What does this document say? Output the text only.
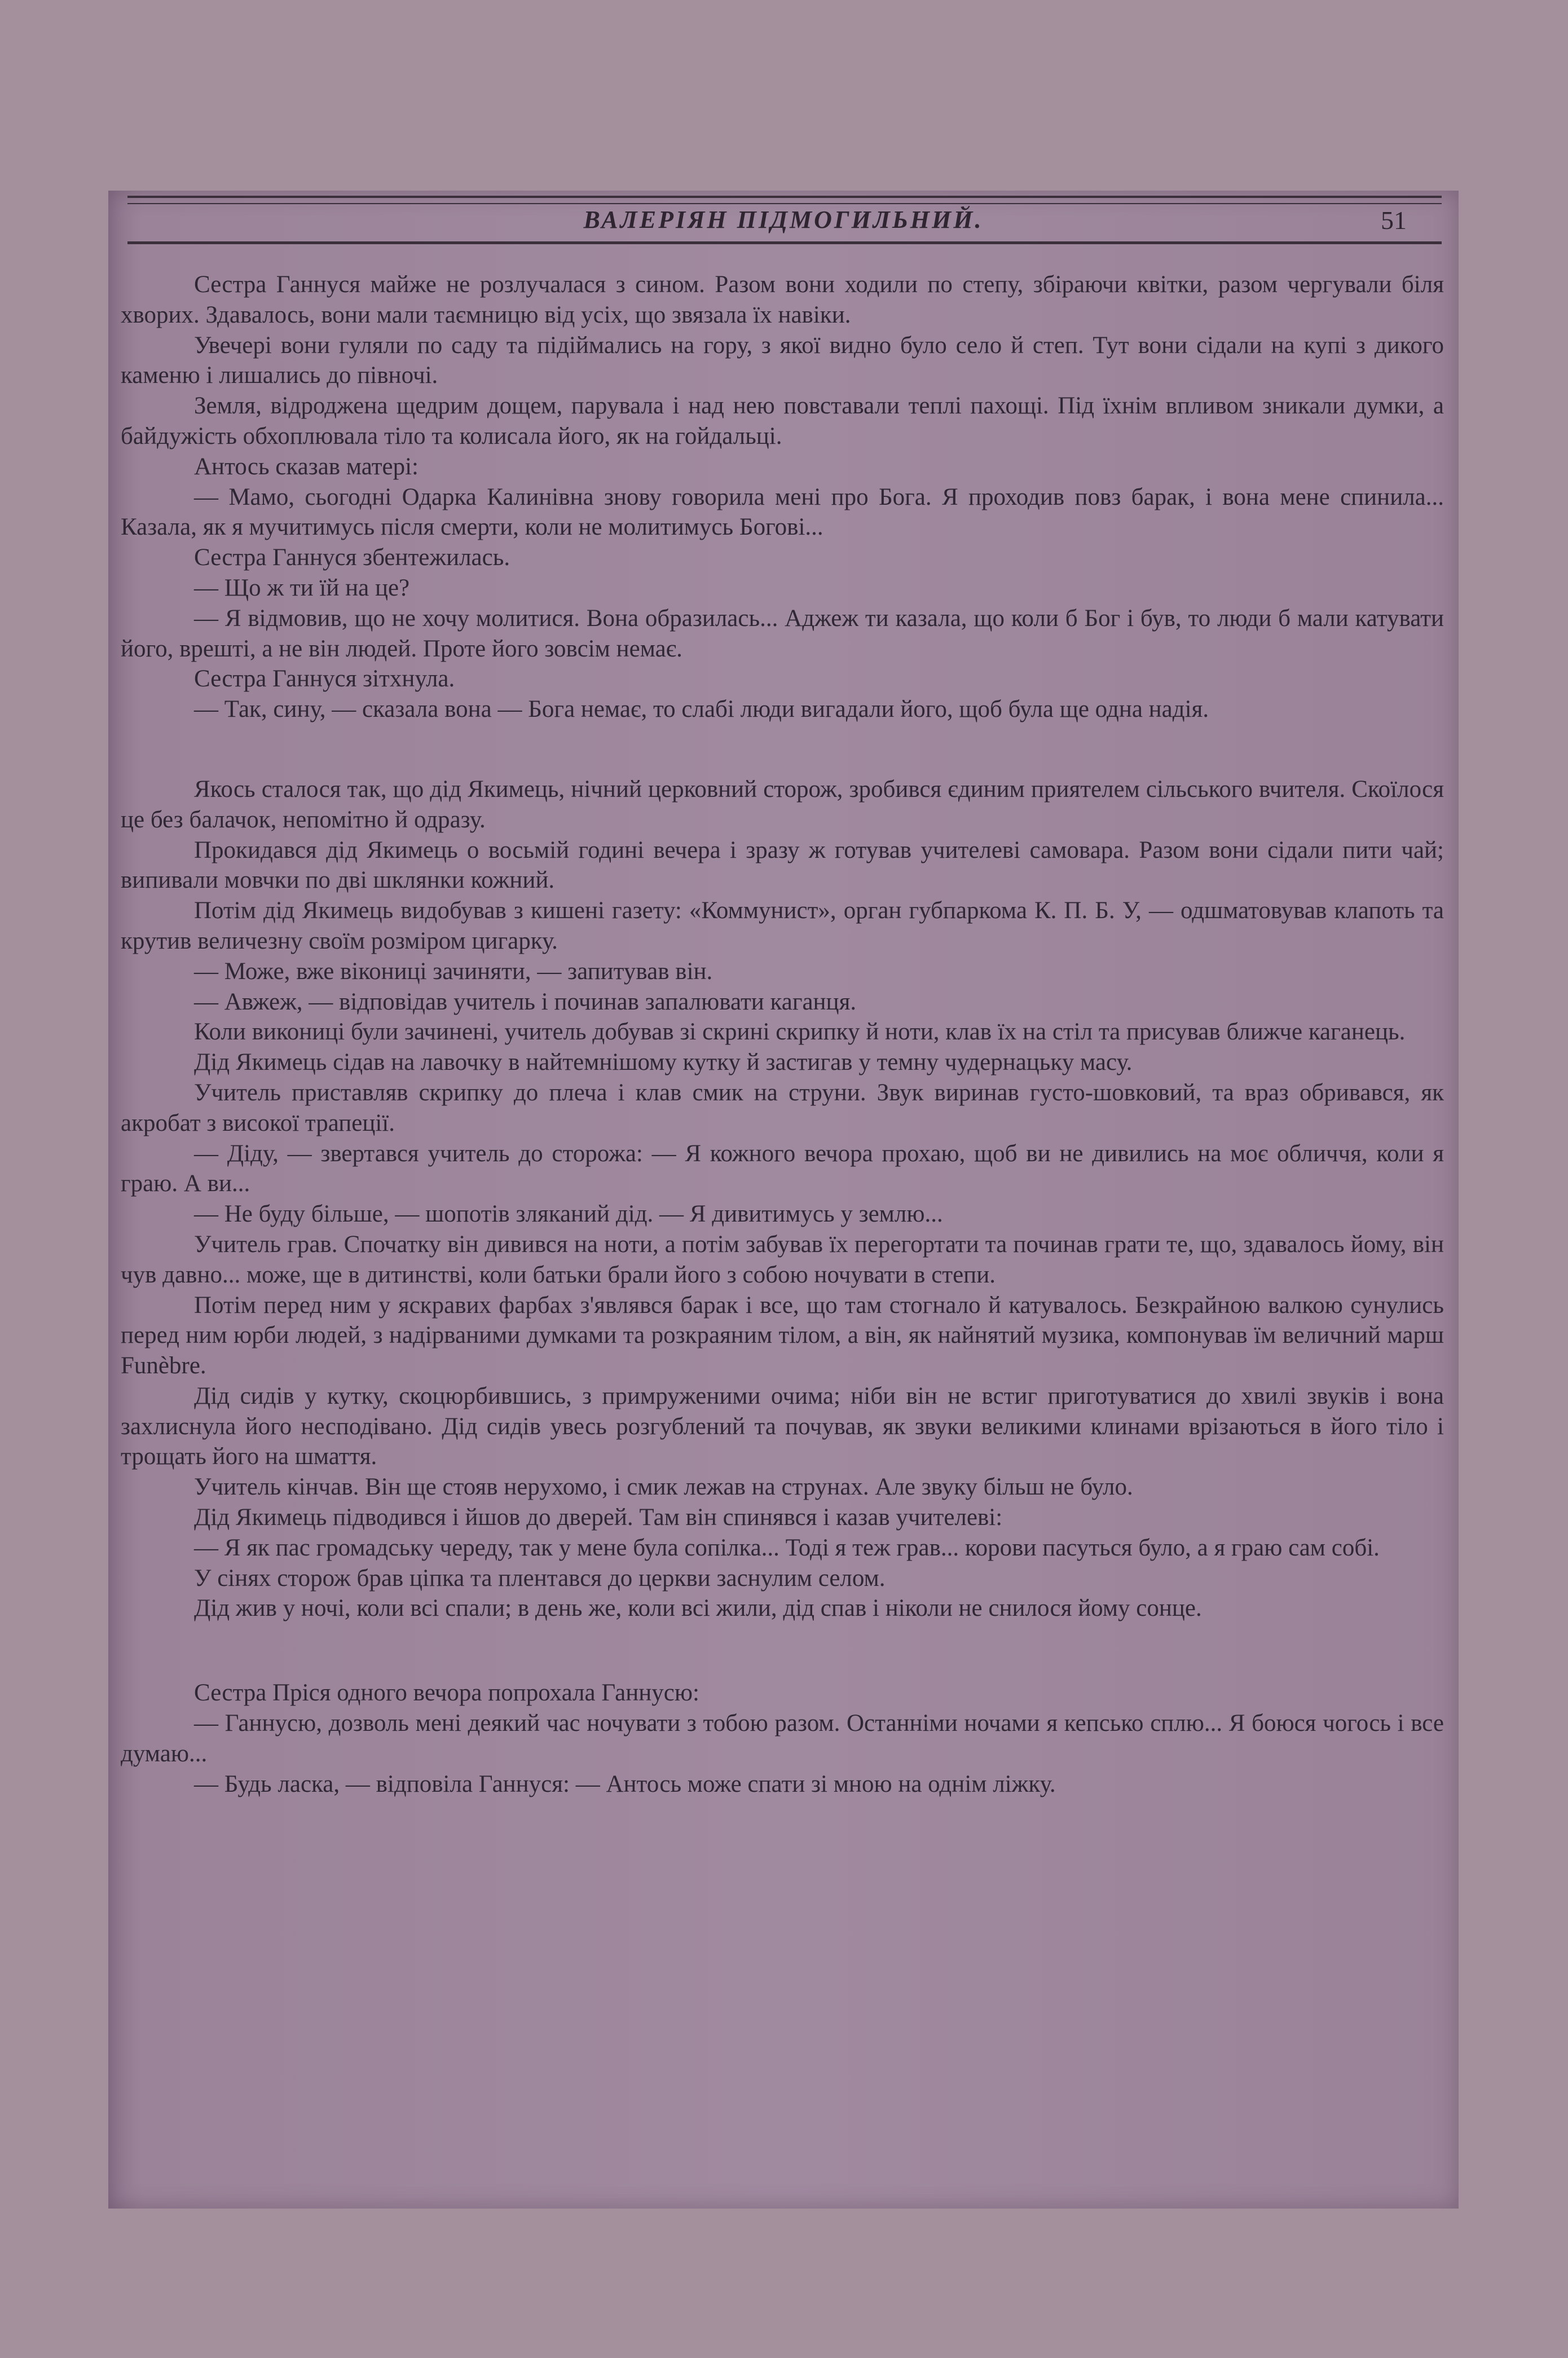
ВАЛЕРІЯН ПІДМОГИЛЬНИЙ.	51

Сестра Ганнуся майже не розлучалася з сином. Разом вони ходили по степу, збіраючи квітки, разом чергували біля хворих. Здавалось, вони мали таємницю від усіх, що звязала їх навіки.

Увечері вони гуляли по саду та підіймались на гору, з якої видно було село й степ. Тут вони сідали на купі з дикого каменю і лишались до півночі.

Земля, відроджена щедрим дощем, парувала і над нею повставали теплі пахощі. Під їхнім впливом зникали думки, а байдужість обхоплювала тіло та колисала його, як на гойдальці.

Антось сказав матері:

— Мамо, сьогодні Одарка Калинівна знову говорила мені про Бога. Я проходив повз барак, і вона мене спинила... Казала, як я мучитимусь після смерти, коли не молитимусь Богові...

Сестра Ганнуся збентежилась.

— Що ж ти їй на це?

— Я відмовив, що не хочу молитися. Вона образилась... Аджеж ти казала, що коли б Бог і був, то люди б мали катувати його, врешті, а не він людей. Проте його зовсім немає.

Сестра Ганнуся зітхнула.

— Так, сину, — сказала вона — Бога немає, то слабі люди вигадали його, щоб була ще одна надія.

Якось сталося так, що дід Якимець, нічний церковний сторож, зробився єдиним приятелем сільського вчителя. Скоїлося це без балачок, непомітно й одразу.

Прокидався дід Якимець о восьмій годині вечера і зразу ж готував учителеві самовара. Разом вони сідали пити чай; випивали мовчки по дві шклянки кожний.

Потім дід Якимець видобував з кишені газету: «Коммунист», орган губпаркома К. П. Б. У, — одшматовував клапоть та крутив величезну своїм розміром цигарку.

— Може, вже вікониці зачиняти, — запитував він.

— Авжеж, — відповідав учитель і починав запалювати каганця.

Коли викониці були зачинені, учитель добував зі скрині скрипку й ноти, клав їх на стіл та присував ближче каганець.

Дід Якимець сідав на лавочку в найтемнішому кутку й застигав у темну чудернацьку масу.

Учитель приставляв скрипку до плеча і клав смик на струни. Звук виринав густо-шовковий, та враз обривався, як акробат з високої трапеції.

— Діду, — звертався учитель до сторожа: — Я кожного вечора прохаю, щоб ви не дивились на моє обличчя, коли я граю. А ви...

— Не буду більше, — шопотів зляканий дід. — Я дивитимусь у землю...

Учитель грав. Спочатку він дивився на ноти, а потім забував їх перегортати та починав грати те, що, здавалось йому, він чув давно... може, ще в дитинстві, коли батьки брали його з собою ночувати в степи.

Потім перед ним у яскравих фарбах з'являвся барак і все, що там стогнало й катувалось. Безкрайною валкою сунулись перед ним юрби людей, з надірваними думками та розкраяним тілом, а він, як найнятий музика, компонував їм величний марш Funèbre.

Дід сидів у кутку, скоцюрбившись, з примруженими очима; ніби він не встиг приготуватися до хвилі звуків і вона захлиснула його несподівано. Дід сидів увесь розгублений та почував, як звуки великими клинами врізаються в його тіло і трощать його на шмаття.

Учитель кінчав. Він ще стояв нерухомо, і смик лежав на струнах. Але звуку більш не було.

Дід Якимець підводився і йшов до дверей. Там він спинявся і казав учителеві:

— Я як пас громадську череду, так у мене була сопілка... Тоді я теж грав... корови пасуться було, а я граю сам собі.

У сінях сторож брав ціпка та плентався до церкви заснулим селом.

Дід жив у ночі, коли всі спали; в день же, коли всі жили, дід спав і ніколи не снилося йому сонце.

Сестра Пріся одного вечора попрохала Ганнусю:

— Ганнусю, дозволь мені деякий час ночувати з тобою разом. Останніми ночами я кепсько сплю... Я боюся чогось і все думаю...

— Будь ласка, — відповіла Ганнуся: — Антось може спати зі мною на однім ліжку.
